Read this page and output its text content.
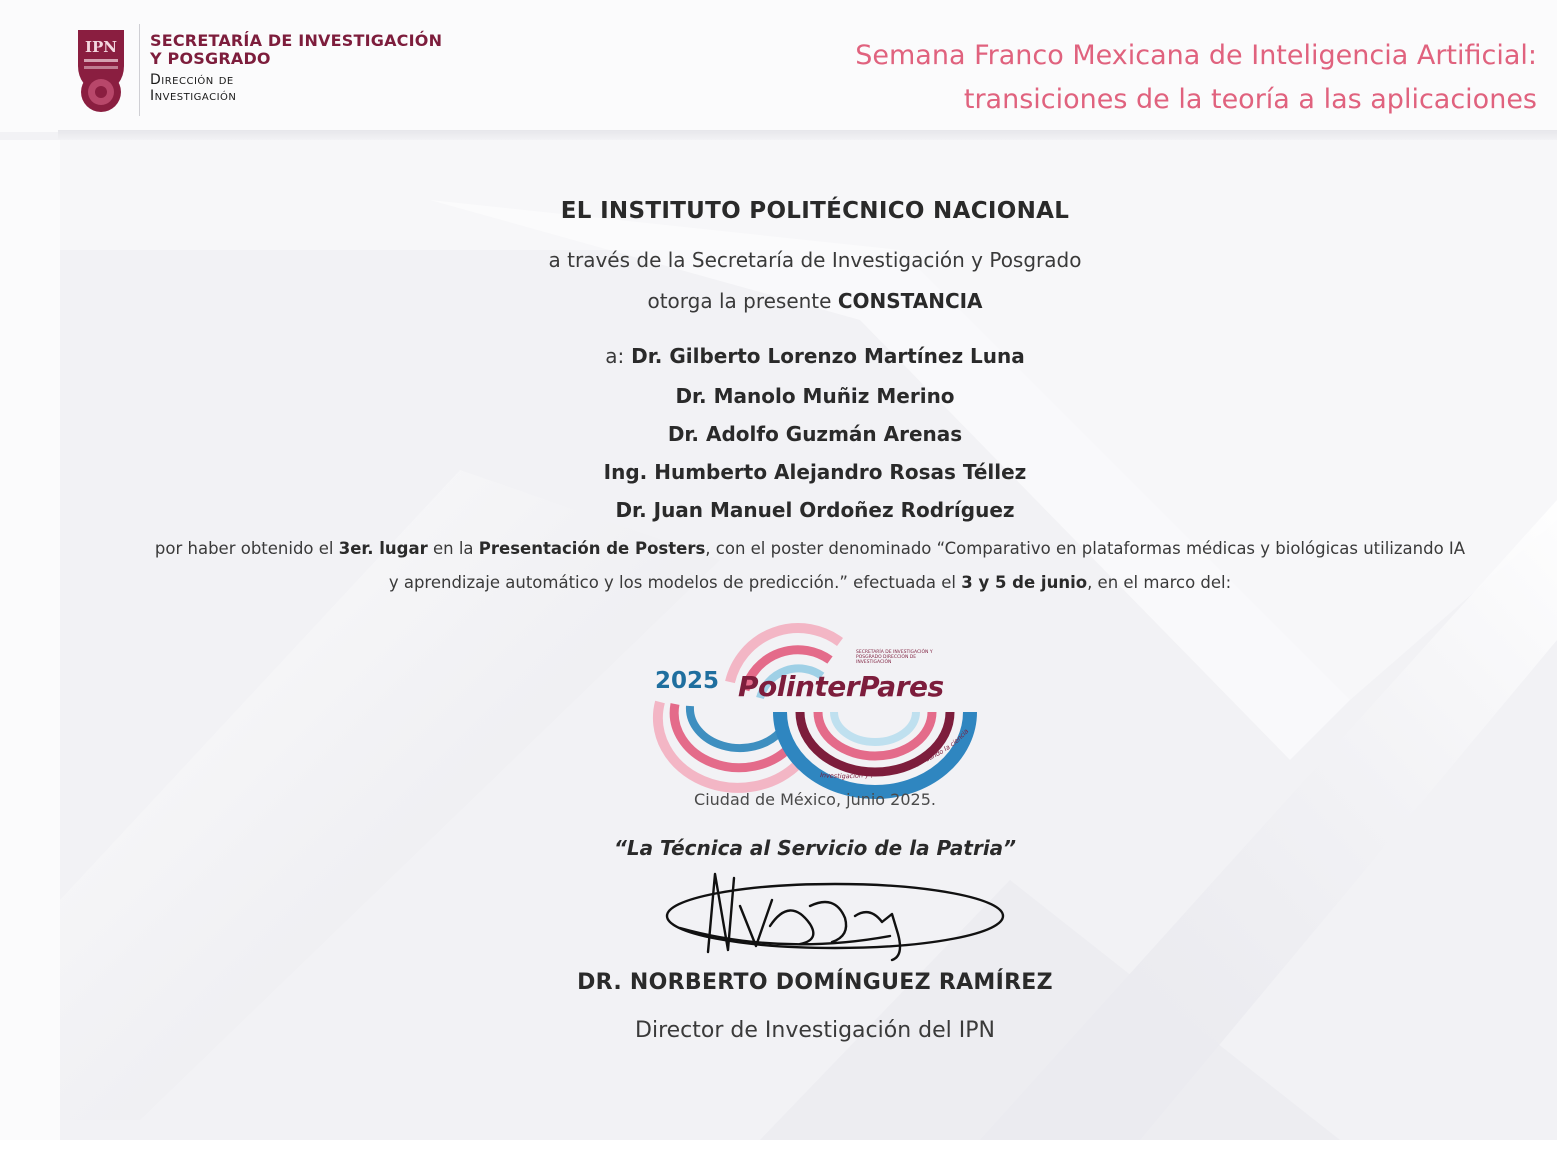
IPN SECRETARÍA DE INVESTIGACIÓN
Y POSGRADO
Dirección de
Investigación
Semana Franco Mexicana de Inteligencia Artificial:
transiciones de la teoría a las aplicaciones
EL INSTITUTO POLITÉCNICO NACIONAL
a través de la Secretaría de Investigación y Posgrado
otorga la presente CONSTANCIA
a: Dr. Gilberto Lorenzo Martínez Luna
Dr. Manolo Muñiz Merino
Dr. Adolfo Guzmán Arenas
Ing. Humberto Alejandro Rosas Téllez
Dr. Juan Manuel Ordoñez Rodríguez
por haber obtenido el 3er. lugar en la Presentación de Posters, con el poster denominado “Comparativo en plataformas médicas y biológicas utilizando IA y aprendizaje automático y los modelos de predicción.” efectuada el 3 y 5 de junio, en el marco del:
Investigación y publicación impulsando la ciencia
2025 PolinterPares
SECRETARÍA DE INVESTIGACIÓN Y POSGRADO DIRECCIÓN DE INVESTIGACIÓN
Ciudad de México, junio 2025.
“La Técnica al Servicio de la Patria”
DR. NORBERTO DOMÍNGUEZ RAMÍREZ
Director de Investigación del IPN
